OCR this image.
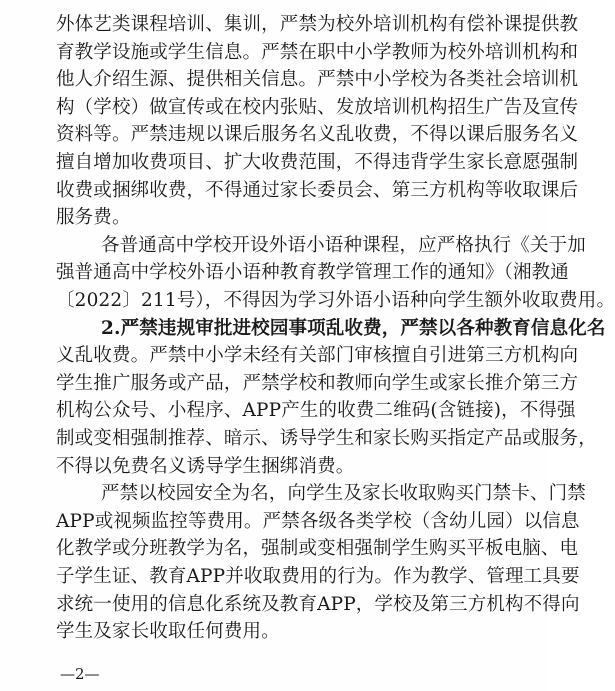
外体艺类课程培训、集训，严禁为校外培训机构有偿补课提供教
育教学设施或学生信息。严禁在职中小学教师为校外培训机构和
他人介绍生源、提供相关信息。严禁中小学校为各类社会培训机
构（学校）做宣传或在校内张贴、发放培训机构招生广告及宣传
资料等。严禁违规以课后服务名义乱收费，不得以课后服务名义
擅自增加收费项目、扩大收费范围，不得违背学生家长意愿强制
收费或捆绑收费，不得通过家长委员会、第三方机构等收取课后
服务费。
各普通高中学校开设外语小语种课程，应严格执行《关于加
强普通高中学校外语小语种教育教学管理工作的通知》（湘教通
〔2022〕211号），不得因为学习外语小语种向学生额外收取费用。
2.严禁违规审批进校园事项乱收费，严禁以各种教育信息化名
义乱收费。严禁中小学未经有关部门审核擅自引进第三方机构向
学生推广服务或产品，严禁学校和教师向学生或家长推介第三方
机构公众号、小程序、APP产生的收费二维码(含链接)，不得强
制或变相强制推荐、暗示、诱导学生和家长购买指定产品或服务，
不得以免费名义诱导学生捆绑消费。
严禁以校园安全为名，向学生及家长收取购买门禁卡、门禁
APP或视频监控等费用。严禁各级各类学校（含幼儿园）以信息
化教学或分班教学为名，强制或变相强制学生购买平板电脑、电
子学生证、教育APP并收取费用的行为。作为教学、管理工具要
—2—
求统一使用的信息化系统及教育APP，学校及第三方机构不得向
学生及家长收取任何费用。
